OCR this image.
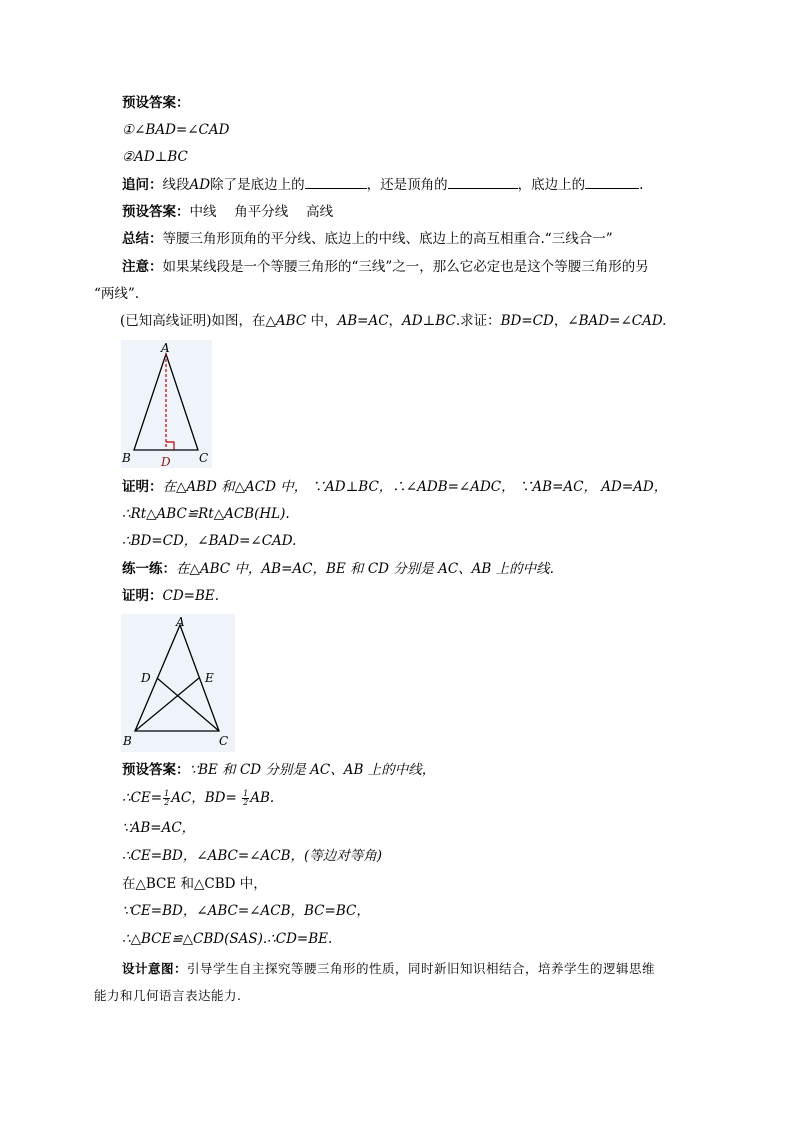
预设答案：
①∠BAD=∠CAD
②AD⊥BC
追问：线段AD除了是底边上的	，还是顶角的	，底边上的	.
预设答案：中线　 角平分线　 高线
总结：等腰三角形顶角的平分线、底边上的中线、底边上的高互相重合.“三线合一”
注意：如果某线段是一个等腰三角形的“三线”之一，那么它必定也是这个等腰三角形的另
“两线”.
(已知高线证明)如图，在△ABC 中，AB=AC，AD⊥BC.求证：BD=CD，∠BAD=∠CAD.
A
B	C
D
证明：在△ABD 和△ACD 中， ∵AD⊥BC，∴∠ADB=∠ADC， ∵AB=AC， AD=AD，
∴Rt△ABC≌Rt△ACB(HL).
∴BD=CD，∠BAD=∠CAD.
练一练：在△ABC 中，AB=AC，BE 和 CD 分别是 AC、AB 上的中线.
证明：CD=BE.
A
D	E
B	C
预设答案：∵BE 和 CD 分别是 AC、AB 上的中线，
∴CE= $\frac{1}{2}$ AC，$BD= \frac{1}{2}$ AB.
∵AB=AC，
∴CE=BD，∠ABC=∠ACB，(等边对等角)
在△BCE 和△CBD 中，
∵CE=BD，∠ABC=∠ACB，BC=BC，
∴△BCE≌△CBD(SAS).∴CD=BE.
设计意图：引导学生自主探究等腰三角形的性质，同时新旧知识相结合，培养学生的逻辑思维
能力和几何语言表达能力.
